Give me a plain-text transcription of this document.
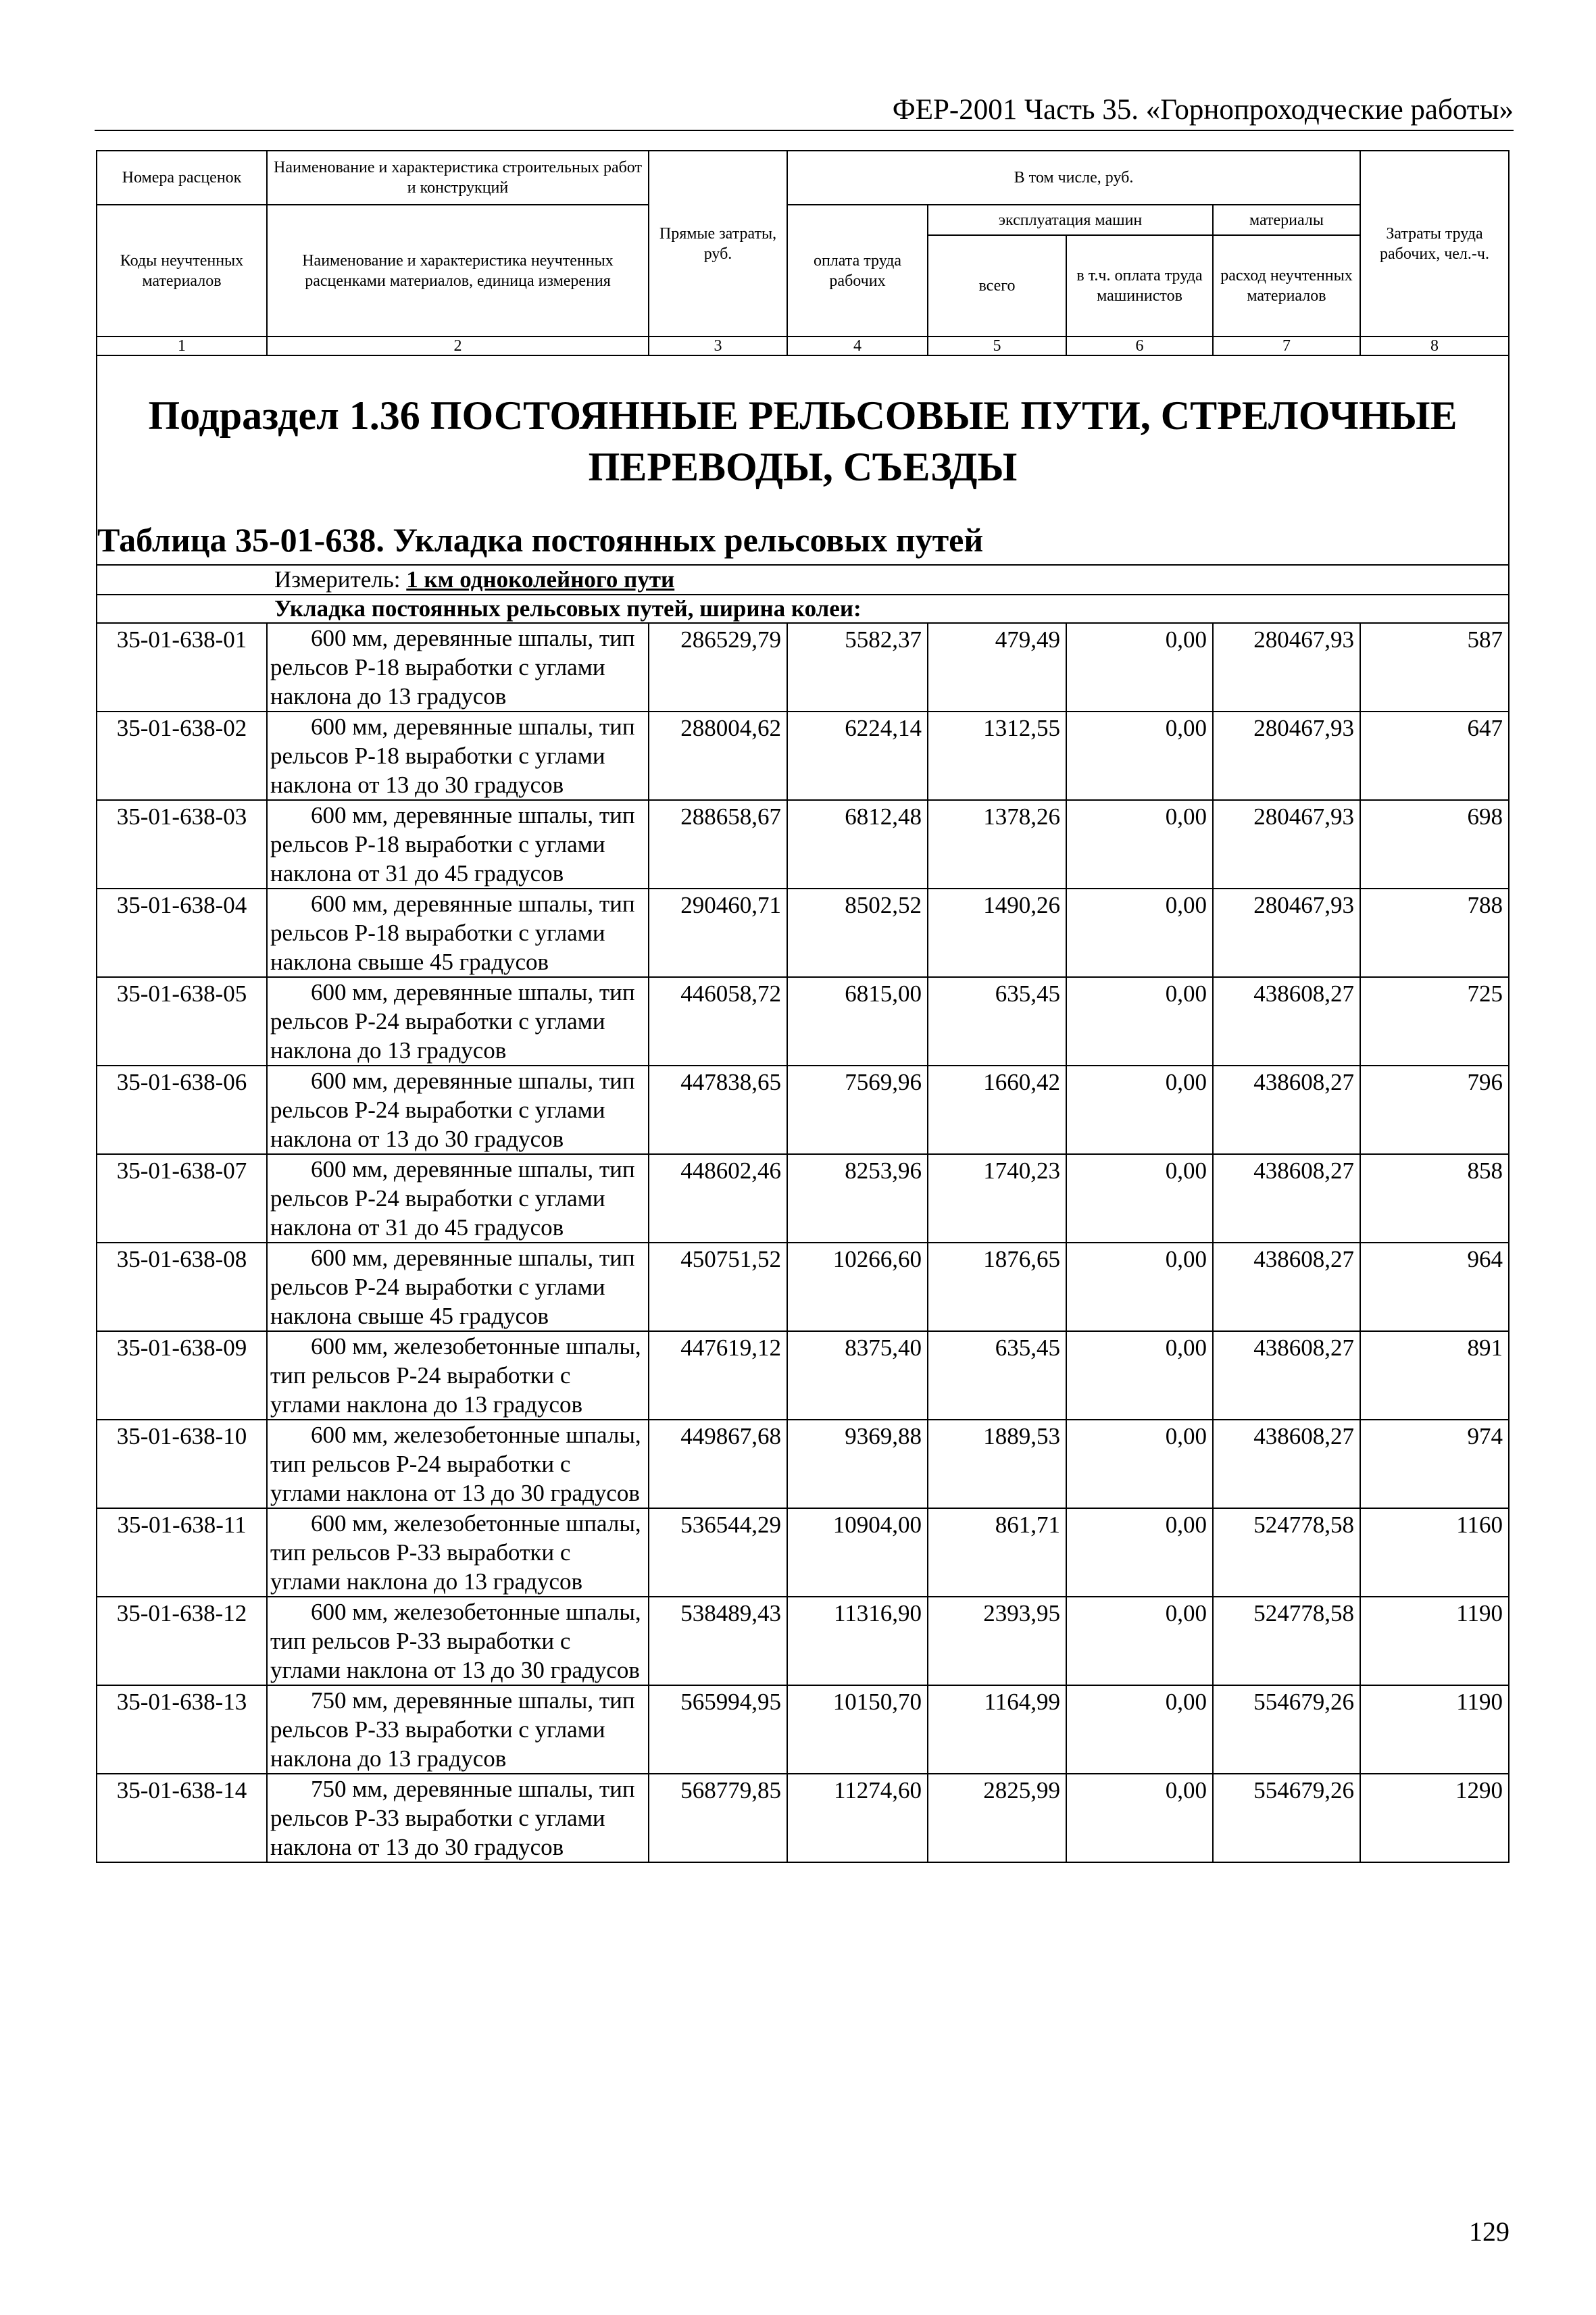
ФЕР-2001 Часть 35. «Горнопроходческие работы»
Номера расценок	Наименование и характеристика строительных работ и конструкций	Прямые затраты, руб.	В том числе, руб.				Затраты труда рабочих, чел.-ч.
Коды неучтенных материалов	Наименование и характеристика неучтенных расценками материалов, единица измерения		оплата труда рабочих	эксплуатация машин		материалы	
				всего	в т.ч. оплата труда машинистов	расход неучтенных материалов	
1	2	3	4	5	6	7	8

Подраздел 1.36 ПОСТОЯННЫЕ РЕЛЬСОВЫЕ ПУТИ, СТРЕЛОЧНЫЕ ПЕРЕВОДЫ, СЪЕЗДЫ
Таблица 35-01-638. Укладка постоянных рельсовых путей							

Измеритель: 1 км одноколейного пути							
Укладка постоянных рельсовых путей, ширина колеи:							
35-01-638-01	600 мм, деревянные шпалы, тип рельсов Р-18 выработки с углами наклона до 13 градусов	286529,79	5582,37	479,49	0,00	280467,93	587
35-01-638-02	600 мм, деревянные шпалы, тип рельсов Р-18 выработки с углами наклона от 13 до 30 градусов	288004,62	6224,14	1312,55	0,00	280467,93	647
35-01-638-03	600 мм, деревянные шпалы, тип рельсов Р-18 выработки с углами наклона от 31 до 45 градусов	288658,67	6812,48	1378,26	0,00	280467,93	698
35-01-638-04	600 мм, деревянные шпалы, тип рельсов Р-18 выработки с углами наклона свыше 45 градусов	290460,71	8502,52	1490,26	0,00	280467,93	788
35-01-638-05	600 мм, деревянные шпалы, тип рельсов Р-24 выработки с углами наклона до 13 градусов	446058,72	6815,00	635,45	0,00	438608,27	725
35-01-638-06	600 мм, деревянные шпалы, тип рельсов Р-24 выработки с углами наклона от 13 до 30 градусов	447838,65	7569,96	1660,42	0,00	438608,27	796
35-01-638-07	600 мм, деревянные шпалы, тип рельсов Р-24 выработки с углами наклона от 31 до 45 градусов	448602,46	8253,96	1740,23	0,00	438608,27	858
35-01-638-08	600 мм, деревянные шпалы, тип рельсов Р-24 выработки с углами наклона свыше 45 градусов	450751,52	10266,60	1876,65	0,00	438608,27	964
35-01-638-09	600 мм, железобетонные шпалы, тип рельсов Р-24 выработки с углами наклона до 13 градусов	447619,12	8375,40	635,45	0,00	438608,27	891
35-01-638-10	600 мм, железобетонные шпалы, тип рельсов Р-24 выработки с углами наклона от 13 до 30 градусов	449867,68	9369,88	1889,53	0,00	438608,27	974
35-01-638-11	600 мм, железобетонные шпалы, тип рельсов Р-33 выработки с углами наклона до 13 градусов	536544,29	10904,00	861,71	0,00	524778,58	1160
35-01-638-12	600 мм, железобетонные шпалы, тип рельсов Р-33 выработки с углами наклона от 13 до 30 градусов	538489,43	11316,90	2393,95	0,00	524778,58	1190
35-01-638-13	750 мм, деревянные шпалы, тип рельсов Р-33 выработки с углами наклона до 13 градусов	565994,95	10150,70	1164,99	0,00	554679,26	1190
35-01-638-14	750 мм, деревянные шпалы, тип рельсов Р-33 выработки с углами наклона от 13 до 30 градусов	568779,85	11274,60	2825,99	0,00	554679,26	1290
129
